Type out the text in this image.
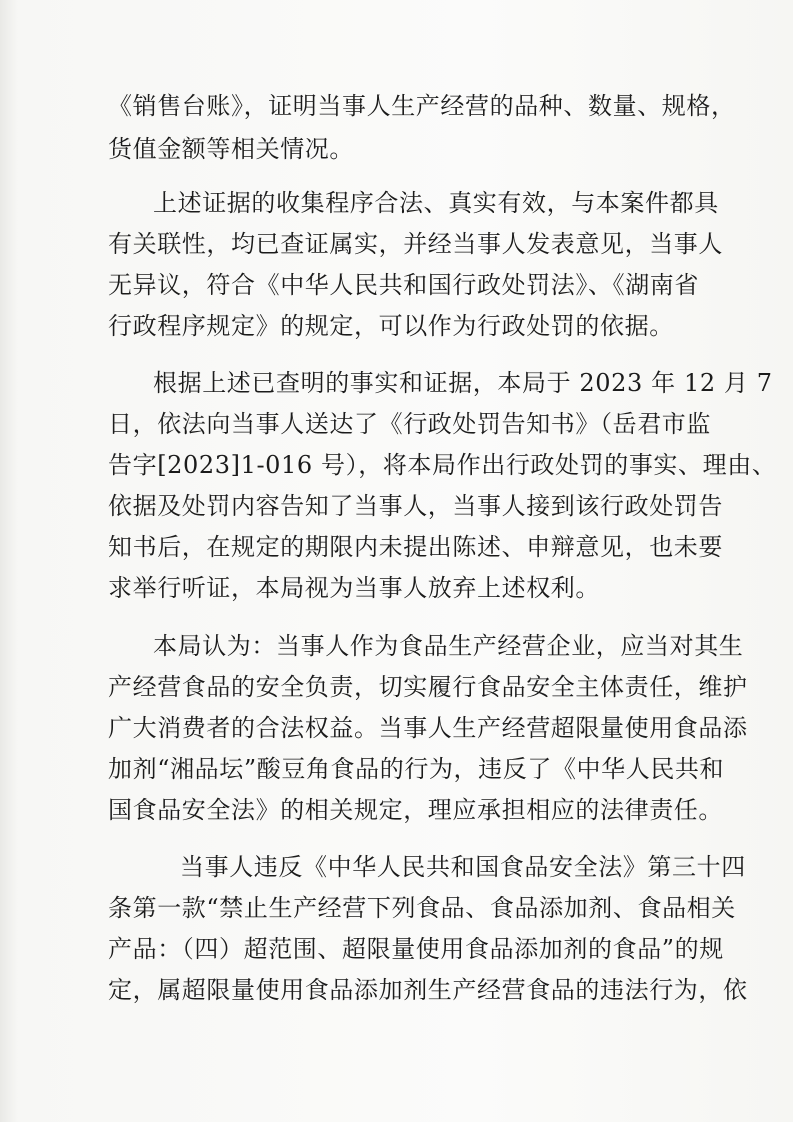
《销售台账》，证明当事人生产经营的品种、数量、规格，
货值金额等相关情况。
上述证据的收集程序合法、真实有效，与本案件都具
有关联性，均已查证属实，并经当事人发表意见，当事人
无异议，符合《中华人民共和国行政处罚法》、《湖南省
行政程序规定》的规定，可以作为行政处罚的依据。
根据上述已查明的事实和证据，本局于 2023 年 12 月 7
日，依法向当事人送达了《行政处罚告知书》（岳君市监
告字[2023]1-016 号），将本局作出行政处罚的事实、理由、
依据及处罚内容告知了当事人，当事人接到该行政处罚告
知书后，在规定的期限内未提出陈述、申辩意见，也未要
求举行听证，本局视为当事人放弃上述权利。
本局认为：当事人作为食品生产经营企业，应当对其生
产经营食品的安全负责，切实履行食品安全主体责任，维护
广大消费者的合法权益。当事人生产经营超限量使用食品添
加剂“湘品坛”酸豆角食品的行为，违反了《中华人民共和
国食品安全法》的相关规定，理应承担相应的法律责任。
当事人违反《中华人民共和国食品安全法》第三十四
条第一款“禁止生产经营下列食品、食品添加剂、食品相关
产品：（四）超范围、超限量使用食品添加剂的食品”的规
定，属超限量使用食品添加剂生产经营食品的违法行为，依
